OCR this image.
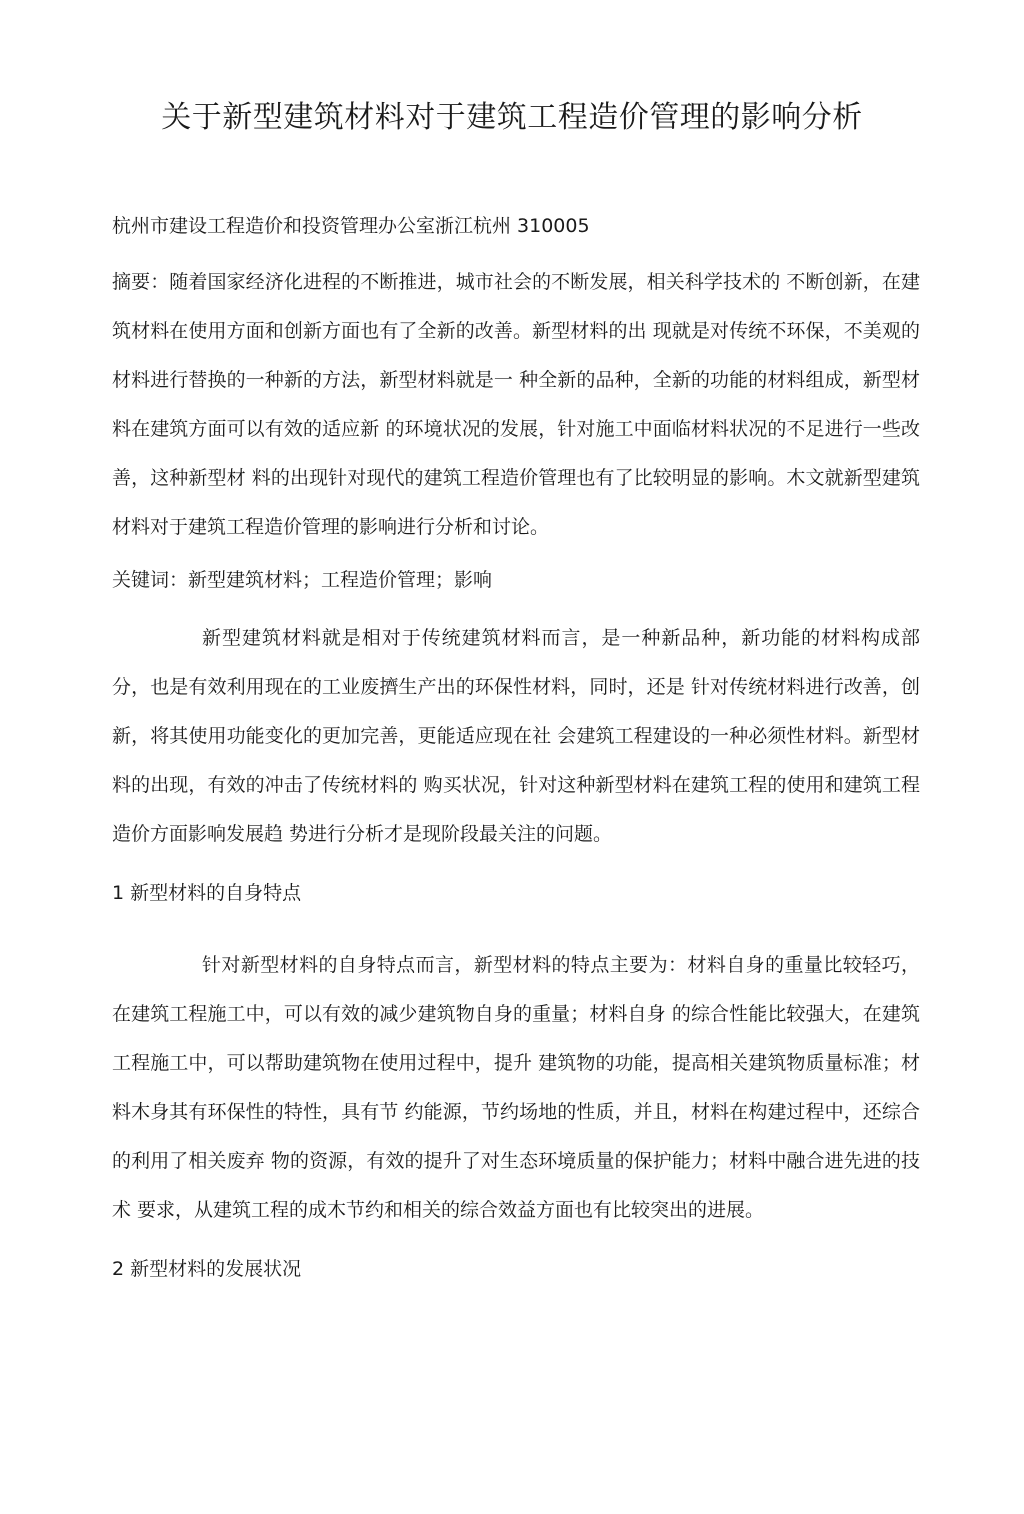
关于新型建筑材料对于建筑工程造价管理的影响分析

杭州市建设工程造价和投资管理办公室浙江杭州 310005

摘要：随着国家经济化进程的不断推进，城市社会的不断发展，相关科学技术的 不断创新，在建筑材料在使用方面和创新方面也有了全新的改善。新型材料的出 现就是对传统不环保，不美观的材料进行替换的一种新的方法，新型材料就是一 种全新的品种，全新的功能的材料组成，新型材料在建筑方面可以有效的适应新 的环境状况的发展，针对施工中面临材料状况的不足进行一些改善，这种新型材 料的出现针对现代的建筑工程造价管理也有了比较明显的影响。木文就新型建筑 材料对于建筑工程造价管理的影响进行分析和讨论。

关键词：新型建筑材料；工程造价管理；影响

新型建筑材料就是相对于传统建筑材料而言，是一种新品种，新功能的材料构成部分，也是有效利用现在的工业废擠生产出的环保性材料，同时，还是 针对传统材料进行改善，创新，将其使用功能变化的更加完善，更能适应现在社 会建筑工程建设的一种必须性材料。新型材料的出现，有效的冲击了传统材料的 购买状况，针对这种新型材料在建筑工程的使用和建筑工程造价方面影响发展趋 势进行分析才是现阶段最关注的问题。

1 新型材料的自身特点

针对新型材料的自身特点而言，新型材料的特点主要为：材料自身的重量比较轻巧，在建筑工程施工中，可以有效的减少建筑物自身的重量；材料自身 的综合性能比较强大，在建筑工程施工中，可以帮助建筑物在使用过程中，提升 建筑物的功能，提高相关建筑物质量标准；材料木身其有环保性的特性，具有节 约能源，节约场地的性质，并且，材料在构建过程中，还综合的利用了相关废弃 物的资源，有效的提升了对生态环境质量的保护能力；材料中融合进先进的技术 要求，从建筑工程的成木节约和相关的综合效益方面也有比较突出的进展。

2 新型材料的发展状况
